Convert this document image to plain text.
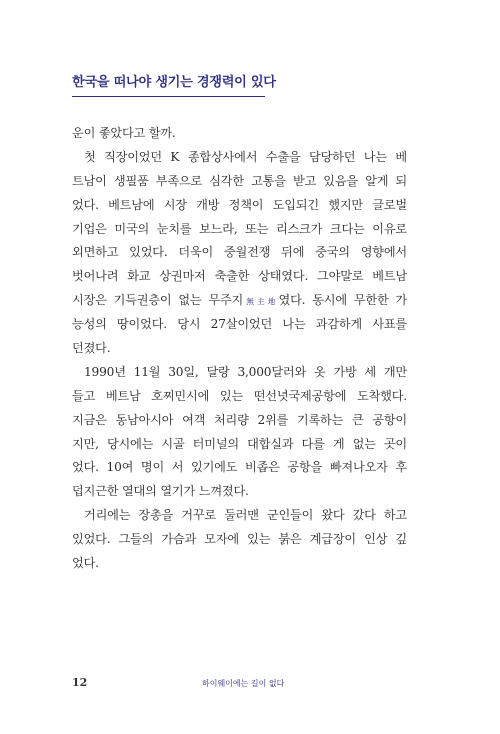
한국을 떠나야 생기는 경쟁력이 있다
운이 좋았다고 할까.
첫 직장이었던 K 종합상사에서 수출을 담당하던 나는 베
트남이 생필품 부족으로 심각한 고통을 받고 있음을 알게 되
었다. 베트남에 시장 개방 정책이 도입되긴 했지만 글로벌
기업은 미국의 눈치를 보느라, 또는 리스크가 크다는 이유로
외면하고 있었다. 더욱이 중월전쟁 뒤에 중국의 영향에서
벗어나려 화교 상권마저 축출한 상태였다. 그야말로 베트남
시장은 기득권층이 없는 무주지無主地였다. 동시에 무한한 가
능성의 땅이었다. 당시 27살이었던 나는 과감하게 사표를
던졌다.
1990년 11월 30일, 달랑 3,000달러와 옷 가방 세 개만
들고 베트남 호찌민시에 있는 떤선녓국제공항에 도착했다.
지금은 동남아시아 여객 처리량 2위를 기록하는 큰 공항이
지만, 당시에는 시골 터미널의 대합실과 다를 게 없는 곳이
었다. 10여 명이 서 있기에도 비좁은 공항을 빠져나오자 후
덥지근한 열대의 열기가 느껴졌다.
거리에는 장총을 거꾸로 둘러맨 군인들이 왔다 갔다 하고
있었다. 그들의 가슴과 모자에 있는 붉은 계급장이 인상 깊
었다.
12	하이웨이에는 길이 없다
